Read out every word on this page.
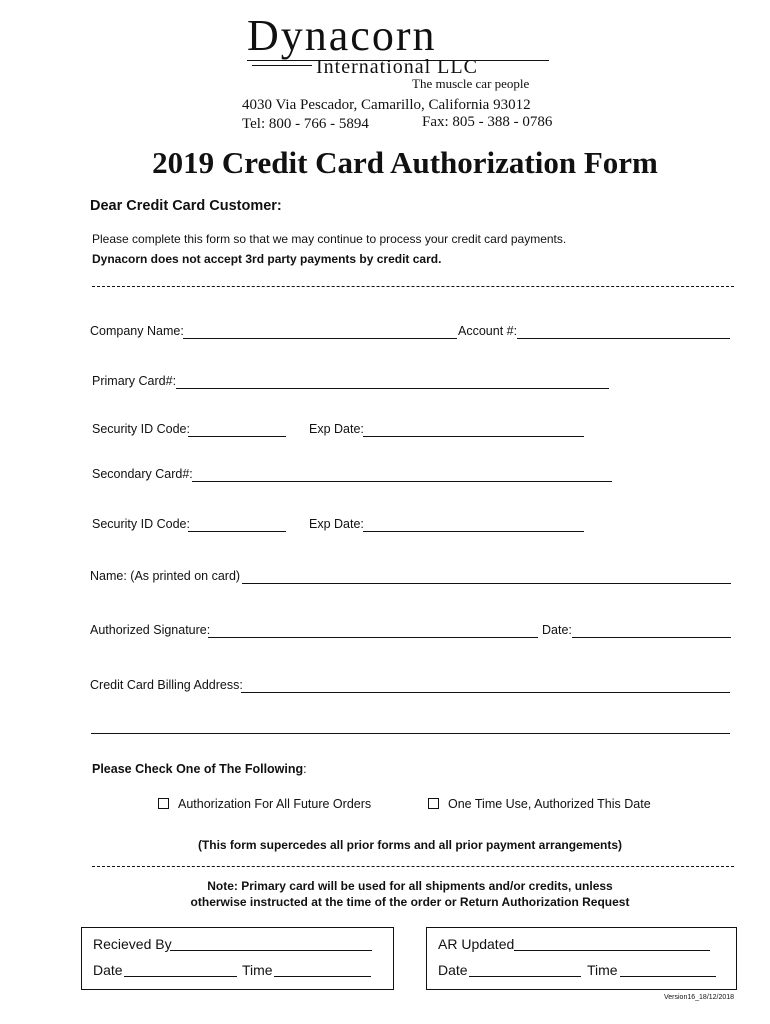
Dynacorn
International LLC
The muscle car people
4030 Via Pescador, Camarillo, California 93012
Tel: 800 - 766 - 5894	Fax: 805 - 388 - 0786
2019 Credit Card Authorization Form
Dear Credit Card Customer:
Please complete this form so that we may continue to process your credit card payments.
Dynacorn does not accept 3rd party payments by credit card.
Company Name:	Account #:
Primary Card#:
Security ID Code:	Exp Date:
Secondary Card#:
Security ID Code:	Exp Date:
Name: (As printed on card)
Authorized Signature:	Date:
Credit Card Billing Address:
Please Check One of The Following:
Authorization For All Future Orders	One Time Use, Authorized This Date
(This form supercedes all prior forms and all prior payment arrangements)
Note: Primary card will be used for all shipments and/or credits, unless
otherwise instructed at the time of the order or Return Authorization Request
Recieved By
Date	Time
AR Updated
Date	Time
Version16_18/12/2018
